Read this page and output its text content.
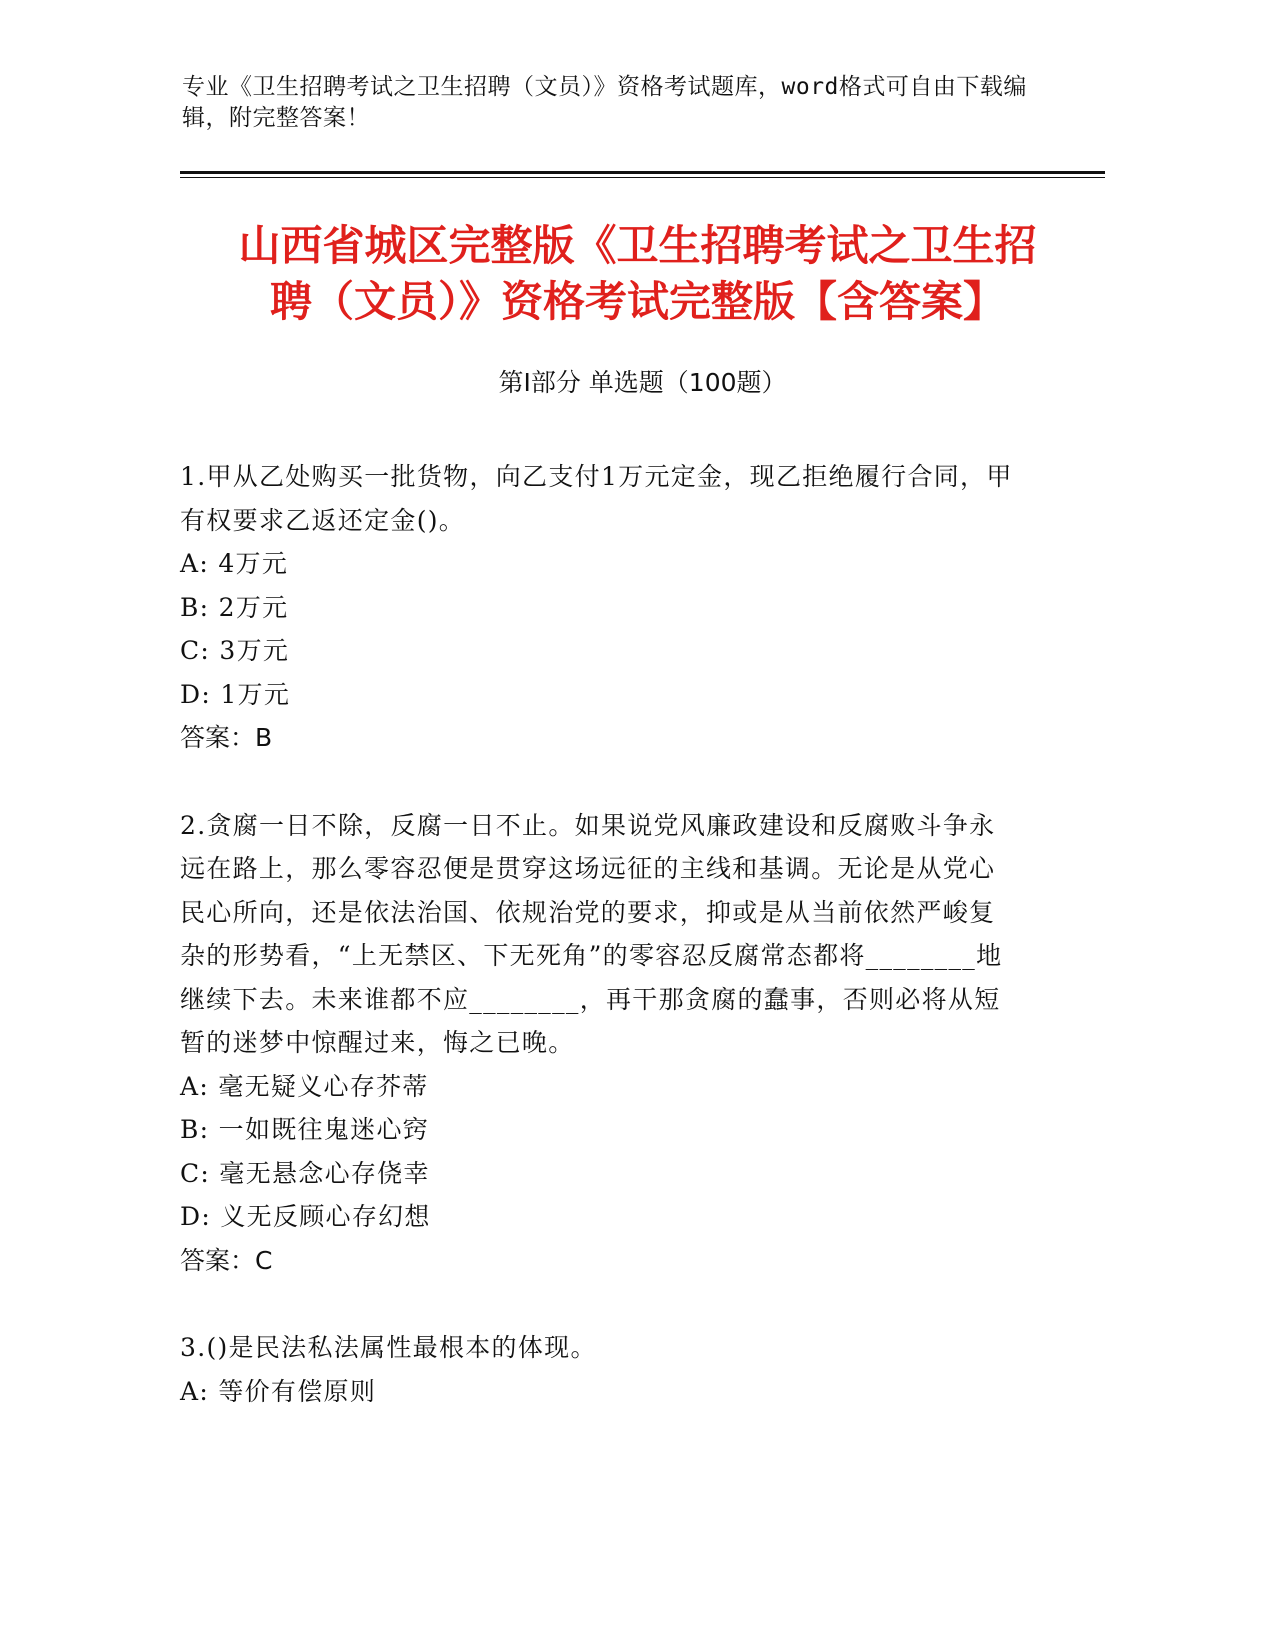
专业《卫生招聘考试之卫生招聘（文员）》资格考试题库，word格式可自由下载编辑，附完整答案！
山西省城区完整版《卫生招聘考试之卫生招
聘（文员）》资格考试完整版【含答案】
第Ⅰ部分 单选题（100题）

1.甲从乙处购买一批货物，向乙支付1万元定金，现乙拒绝履行合同，甲有权要求乙返还定金()。

A: 4万元
B: 2万元
C: 3万元
D: 1万元
答案：B

2.贪腐一日不除，反腐一日不止。如果说党风廉政建设和反腐败斗争永远在路上，那么零容忍便是贯穿这场远征的主线和基调。无论是从党心民心所向，还是依法治国、依规治党的要求，抑或是从当前依然严峻复杂的形势看，“上无禁区、下无死角”的零容忍反腐常态都将________地继续下去。未来谁都不应________，再干那贪腐的蠢事，否则必将从短暂的迷梦中惊醒过来，悔之已晚。

A: 毫无疑义心存芥蒂
B: 一如既往鬼迷心窍
C: 毫无悬念心存侥幸
D: 义无反顾心存幻想
答案：C

3.()是民法私法属性最根本的体现。

A: 等价有偿原则
